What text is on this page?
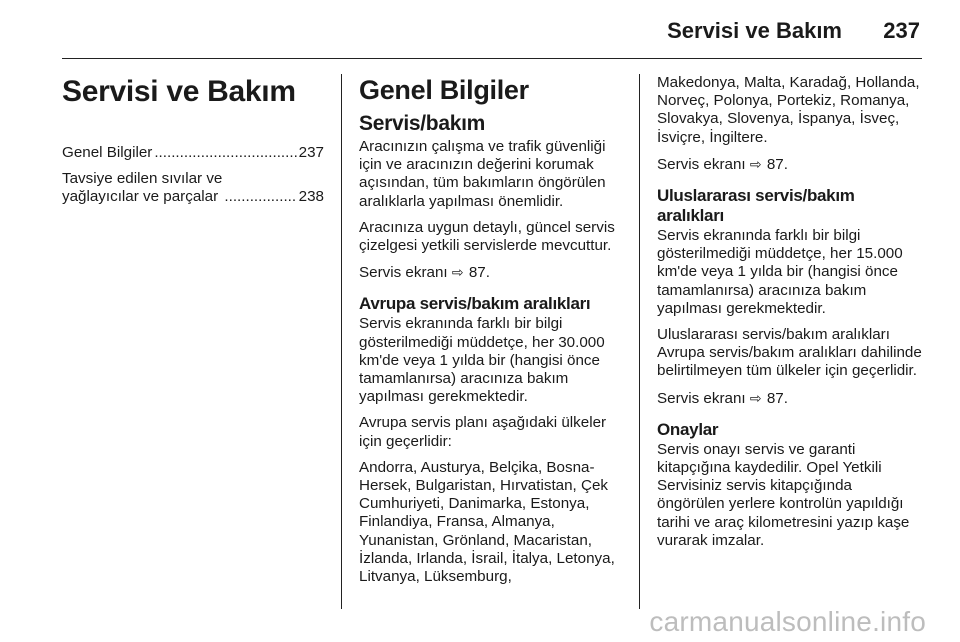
Servisi ve Bakım 237
Servisi ve Bakım
Genel Bilgiler .....	237
Tavsiye edilen sıvılar ve
yağlayıcılar ve parçalar .....	238
Genel Bilgiler
Servis/bakım

Aracınızın çalışma ve trafik güvenliği için ve aracınızın değerini korumak açısından, tüm bakımların öngörülen aralıklarla yapılması önemlidir.

Aracınıza uygun detaylı, güncel servis çizelgesi yetkili servislerde mevcuttur.

Servis ekranı ⇨ 87.

Avrupa servis/bakım aralıkları

Servis ekranında farklı bir bilgi gösterilmediği müddetçe, her 30.000 km'de veya 1 yılda bir (hangisi önce tamamlanırsa) aracınıza bakım yapılması gerekmektedir.

Avrupa servis planı aşağıdaki ülkeler için geçerlidir:

Andorra, Austurya, Belçika, Bosna-Hersek, Bulgaristan, Hırvatistan, Çek Cumhuriyeti, Danimarka, Estonya, Finlandiya, Fransa, Almanya, Yunanistan, Grönland, Macaristan, İzlanda, Irlanda, İsrail, İtalya, Letonya, Litvanya, Lüksemburg,

Makedonya, Malta, Karadağ, Hollanda, Norveç, Polonya, Portekiz, Romanya, Slovakya, Slovenya, İspanya, İsveç, İsviçre, İngiltere.

Servis ekranı ⇨ 87.

Uluslararası servis/bakım aralıkları

Servis ekranında farklı bir bilgi gösterilmediği müddetçe, her 15.000 km'de veya 1 yılda bir (hangisi önce tamamlanırsa) aracınıza bakım yapılması gerekmektedir.

Uluslararası servis/bakım aralıkları Avrupa servis/bakım aralıkları dahilinde belirtilmeyen tüm ülkeler için geçerlidir.

Servis ekranı ⇨ 87.

Onaylar

Servis onayı servis ve garanti kitapçığına kaydedilir. Opel Yetkili Servisiniz servis kitapçığında öngörülen yerlere kontrolün yapıldığı tarihi ve araç kilometresini yazıp kaşe vurarak imzalar.

carmanualsonline.info
